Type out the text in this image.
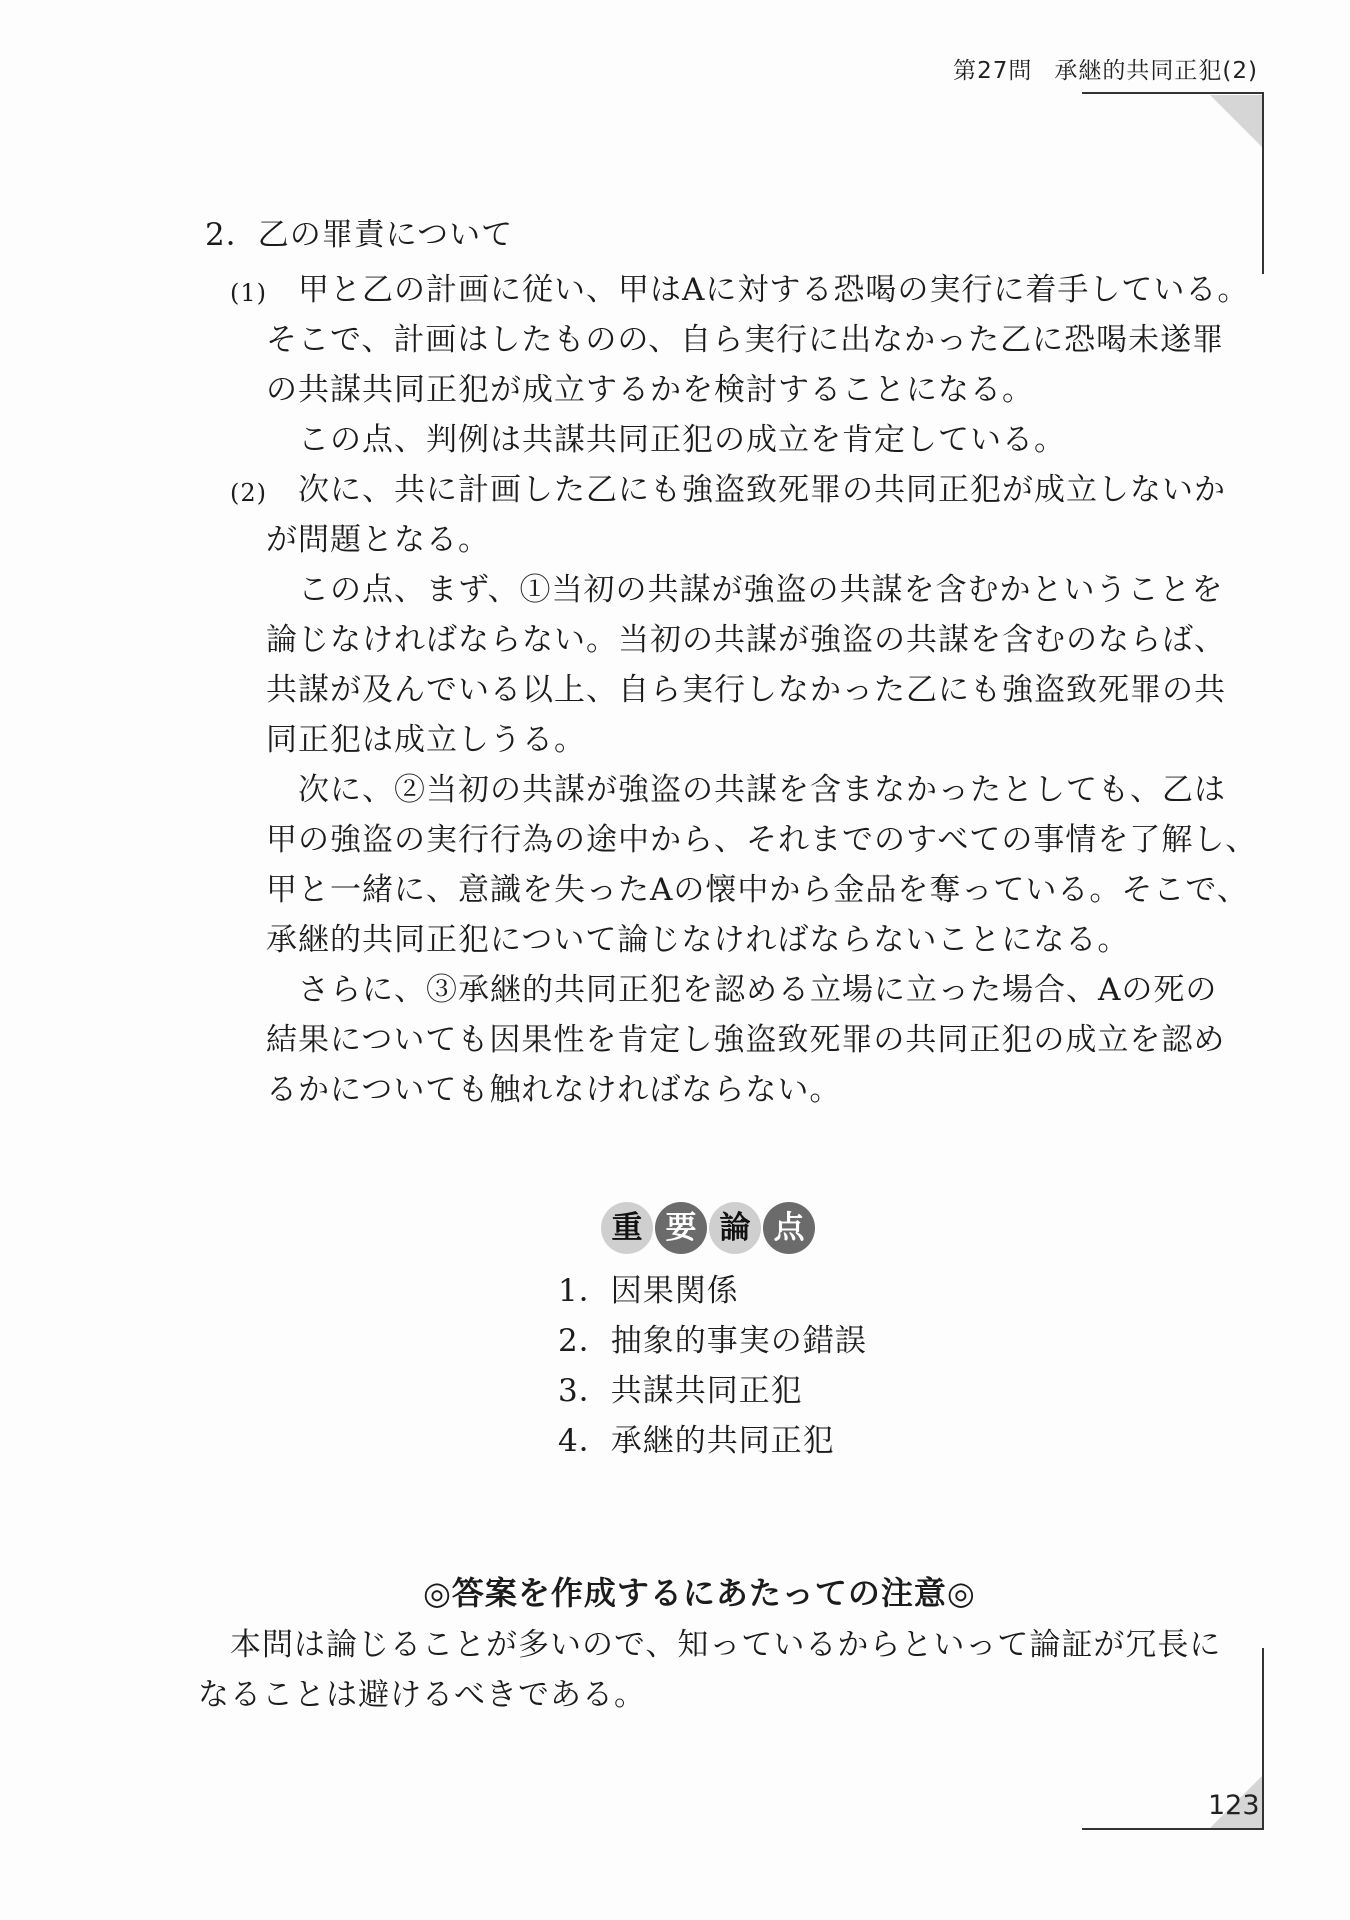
第27問 承継的共同正犯(2)
2．乙の罪責について
(1) 甲と乙の計画に従い、甲はAに対する恐喝の実行に着手している。
そこで、計画はしたものの、自ら実行に出なかった乙に恐喝未遂罪
の共謀共同正犯が成立するかを検討することになる。
この点、判例は共謀共同正犯の成立を肯定している。
(2) 次に、共に計画した乙にも強盗致死罪の共同正犯が成立しないか
が問題となる。
この点、まず、①当初の共謀が強盗の共謀を含むかということを
論じなければならない。当初の共謀が強盗の共謀を含むのならば、
共謀が及んでいる以上、自ら実行しなかった乙にも強盗致死罪の共
同正犯は成立しうる。
次に、②当初の共謀が強盗の共謀を含まなかったとしても、乙は
甲の強盗の実行行為の途中から、それまでのすべての事情を了解し、
甲と一緒に、意識を失ったAの懐中から金品を奪っている。そこで、
承継的共同正犯について論じなければならないことになる。
さらに、③承継的共同正犯を認める立場に立った場合、Aの死の
結果についても因果性を肯定し強盗致死罪の共同正犯の成立を認め
るかについても触れなければならない。
重 要 論 点
1．因果関係
2．抽象的事実の錯誤
3．共謀共同正犯
4．承継的共同正犯
◎答案を作成するにあたっての注意◎
本問は論じることが多いので、知っているからといって論証が冗長に
なることは避けるべきである。
123
